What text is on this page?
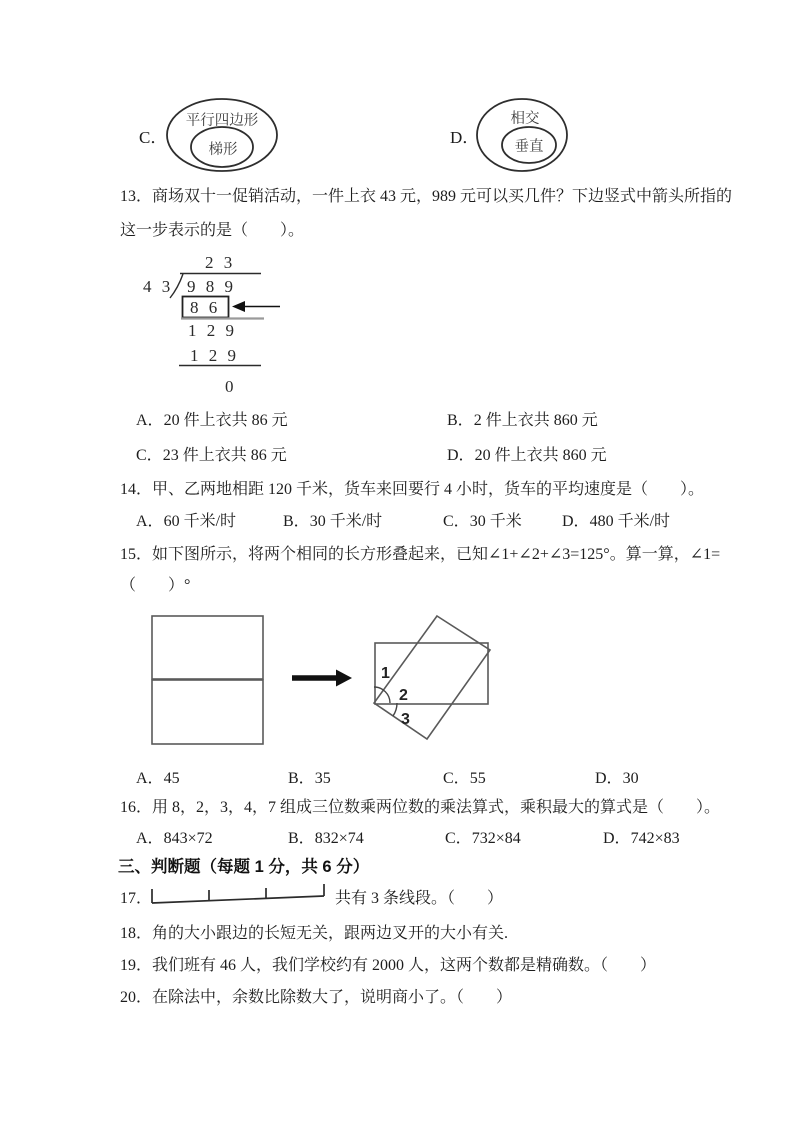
C．
平行四边形
梯形
D．
相交
垂直
13．商场双十一促销活动，一件上衣 43 元，989 元可以买几件？下边竖式中箭头所指的
这一步表示的是（　　）。
2 3
4 3 9 8 9
8 6
1 2 9
1 2 9
0
A．20 件上衣共 86 元	B．2 件上衣共 860 元
C．23 件上衣共 86 元	D．20 件上衣共 860 元
14．甲、乙两地相距 120 千米，货车来回要行 4 小时，货车的平均速度是（　　）。
A．60 千米/时	B．30 千米/时	C．30 千米	D．480 千米/时
15．如下图所示，将两个相同的长方形叠起来，已知∠1+∠2+∠3=125°。算一算，∠1=
（　　）°
1
2
3
A．45	B．35	C．55	D．30
16．用 8，2，3，4，7 组成三位数乘两位数的乘法算式，乘积最大的算式是（　　）。
A．843×72	B．832×74	C．732×84	D．742×83
三、判断题（每题 1 分，共 6 分）
17．	共有 3 条线段。（　　）
18．角的大小跟边的长短无关，跟两边叉开的大小有关.
19．我们班有 46 人，我们学校约有 2000 人，这两个数都是精确数。（　　）
20．在除法中，余数比除数大了，说明商小了。（　　）
